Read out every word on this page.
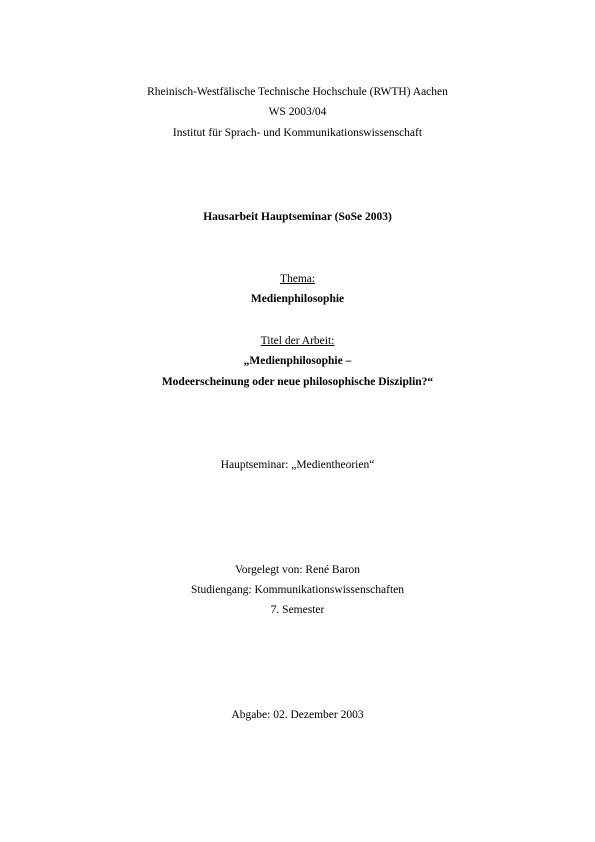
Rheinisch-Westfälische Technische Hochschule (RWTH) Aachen
WS 2003/04
Institut für Sprach- und Kommunikationswissenschaft
Hausarbeit Hauptseminar (SoSe 2003)
Thema:
Medienphilosophie
Titel der Arbeit:
„Medienphilosophie –
Modeerscheinung oder neue philosophische Disziplin?“
Hauptseminar: „Medientheorien“
Vorgelegt von: René Baron
Studiengang: Kommunikationswissenschaften
7. Semester
Abgabe: 02. Dezember 2003
